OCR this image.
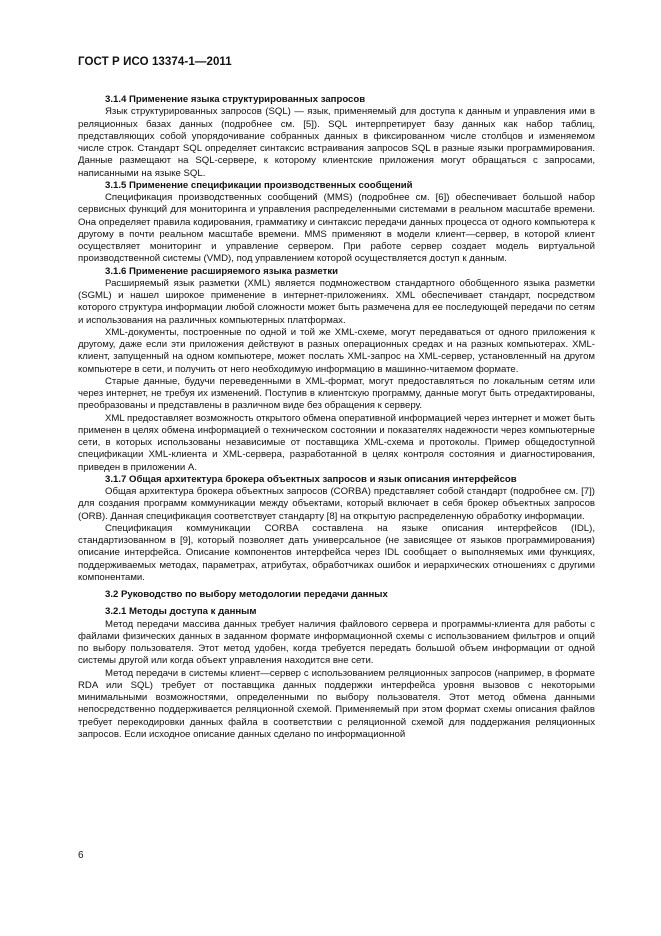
ГОСТ Р ИСО 13374-1—2011

3.1.4 Применение языка структурированных запросов

Язык структурированных запросов (SQL) — язык, применяемый для доступа к данным и управления ими в реляционных базах данных (подробнее см. [5]). SQL интерпретирует базу данных как набор таблиц, представляющих собой упорядочивание собранных данных в фиксированном числе столбцов и изменяемом числе строк. Стандарт SQL определяет синтаксис встраивания запросов SQL в разные языки программирования. Данные размещают на SQL-сервере, к которому клиентские приложения могут обращаться с запросами, написанными на языке SQL.

3.1.5 Применение спецификации производственных сообщений

Спецификация производственных сообщений (MMS) (подробнее см. [6]) обеспечивает большой набор сервисных функций для мониторинга и управления распределенными системами в реальном масштабе времени. Она определяет правила кодирования, грамматику и синтаксис передачи данных процесса от одного компьютера к другому в почти реальном масштабе времени. MMS применяют в модели клиент—сервер, в которой клиент осуществляет мониторинг и управление сервером. При работе сервер создает модель виртуальной производственной системы (VMD), под управлением которой осуществляется доступ к данным.

3.1.6 Применение расширяемого языка разметки

Расширяемый язык разметки (XML) является подмножеством стандартного обобщенного языка разметки (SGML) и нашел широкое применение в интернет-приложениях. XML обеспечивает стандарт, посредством которого структура информации любой сложности может быть размечена для ее последующей передачи по сетям и использования на различных компьютерных платформах.

XML-документы, построенные по одной и той же XML-схеме, могут передаваться от одного приложения к другому, даже если эти приложения действуют в разных операционных средах и на разных компьютерах. XML-клиент, запущенный на одном компьютере, может послать XML-запрос на XML-сервер, установленный на другом компьютере в сети, и получить от него необходимую информацию в машинно-читаемом формате.

Старые данные, будучи переведенными в XML-формат, могут предоставляться по локальным сетям или через интернет, не требуя их изменений. Поступив в клиентскую программу, данные могут быть отредактированы, преобразованы и представлены в различном виде без обращения к серверу.

XML предоставляет возможность открытого обмена оперативной информацией через интернет и может быть применен в целях обмена информацией о техническом состоянии и показателях надежности через компьютерные сети, в которых использованы независимые от поставщика XML-схема и протоколы. Пример общедоступной спецификации XML-клиента и XML-сервера, разработанной в целях контроля состояния и диагностирования, приведен в приложении А.

3.1.7 Общая архитектура брокера объектных запросов и язык описания интерфейсов

Общая архитектура брокера объектных запросов (CORBA) представляет собой стандарт (подробнее см. [7]) для создания программ коммуникации между объектами, который включает в себя брокер объектных запросов (ORB). Данная спецификация соответствует стандарту [8] на открытую распределенную обработку информации.

Спецификация коммуникации CORBA составлена на языке описания интерфейсов (IDL), стандартизованном в [9], который позволяет дать универсальное (не зависящее от языков программирования) описание интерфейса. Описание компонентов интерфейса через IDL сообщает о выполняемых ими функциях, поддерживаемых методах, параметрах, атрибутах, обработчиках ошибок и иерархических отношениях с другими компонентами.

3.2 Руководство по выбору методологии передачи данных

3.2.1 Методы доступа к данным

Метод передачи массива данных требует наличия файлового сервера и программы-клиента для работы с файлами физических данных в заданном формате информационной схемы с использованием фильтров и опций по выбору пользователя. Этот метод удобен, когда требуется передать большой объем информации от одной системы другой или когда объект управления находится вне сети.

Метод передачи в системы клиент—сервер с использованием реляционных запросов (например, в формате RDA или SQL) требует от поставщика данных поддержки интерфейса уровня вызовов с некоторыми минимальными возможностями, определенными по выбору пользователя. Этот метод обмена данными непосредственно поддерживается реляционной схемой. Применяемый при этом формат схемы описания файлов требует перекодировки данных файла в соответствии с реляционной схемой для поддержания реляционных запросов. Если исходное описание данных сделано по информационной

6
